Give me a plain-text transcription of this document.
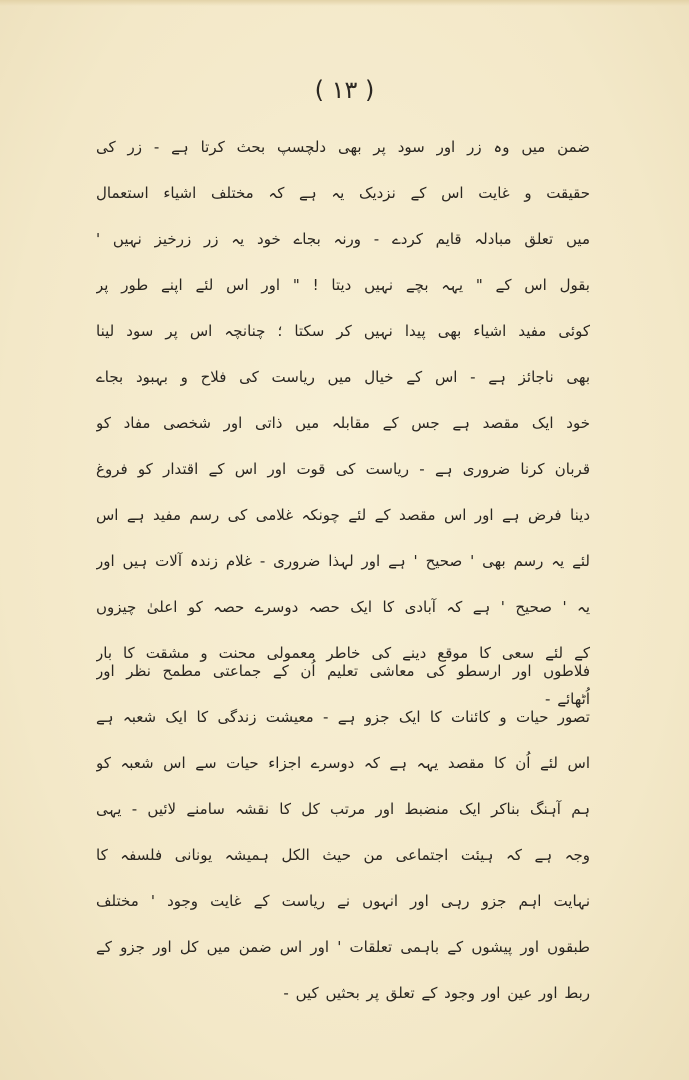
( ۱۳ )
ضمن میں وہ زر اور سود پر بھی دلچسپ بحث کرتا ہے - زر کی
حقیقت و غایت اس کے نزدیک یہ ہے کہ مختلف اشیاء استعمال
میں تعلق مبادلہ قایم کردے - ورنہ بجاے خود یہ زر زرخیز نہیں '
بقول اس کے " یہہ بچے نہیں دیتا ! " اور اس لئے اپنے طور پر
کوئی مفید اشیاء بھی پیدا نہیں کر سکتا ؛ چنانچہ اس پر سود لینا
بھی ناجائز ہے - اس کے خیال میں ریاست کی فلاح و بہبود بجاے
خود ایک مقصد ہے جس کے مقابلہ میں ذاتی اور شخصی مفاد کو
قربان کرنا ضروری ہے - ریاست کی قوت اور اس کے اقتدار کو فروغ
دینا فرض ہے اور اس مقصد کے لئے چونکہ غلامی کی رسم مفید ہے اس
لئے یہ رسم بھی ' صحیح ' ہے اور لہذا ضروری - غلام زندہ آلات ہیں اور
یہ ' صحیح ' ہے کہ آبادی کا ایک حصہ دوسرے حصہ کو اعلیٰ چیزوں
کے لئے سعی کا موقع دینے کی خاطر معمولی محنت و مشقت کا بار
اُٹھائے -
فلاطوں اور ارسطو کی معاشی تعلیم اُن کے جماعتی مطمح نظر اور
تصور حیات و کائنات کا ایک جزو ہے - معیشت زندگی کا ایک شعبہ ہے
اس لئے اُن کا مقصد یہہ ہے کہ دوسرے اجزاء حیات سے اس شعبہ کو
ہم آہنگ بناکر ایک منضبط اور مرتب کل کا نقشہ سامنے لائیں - یہی
وجہ ہے کہ ہیئت اجتماعی من حیث الکل ہمیشہ یونانی فلسفہ کا
نہایت اہم جزو رہی اور انہوں نے ریاست کے غایت وجود ' مختلف
طبقوں اور پیشوں کے باہمی تعلقات ' اور اس ضمن میں کل اور جزو کے
ربط اور عین اور وجود کے تعلق پر بحثیں کیں -
